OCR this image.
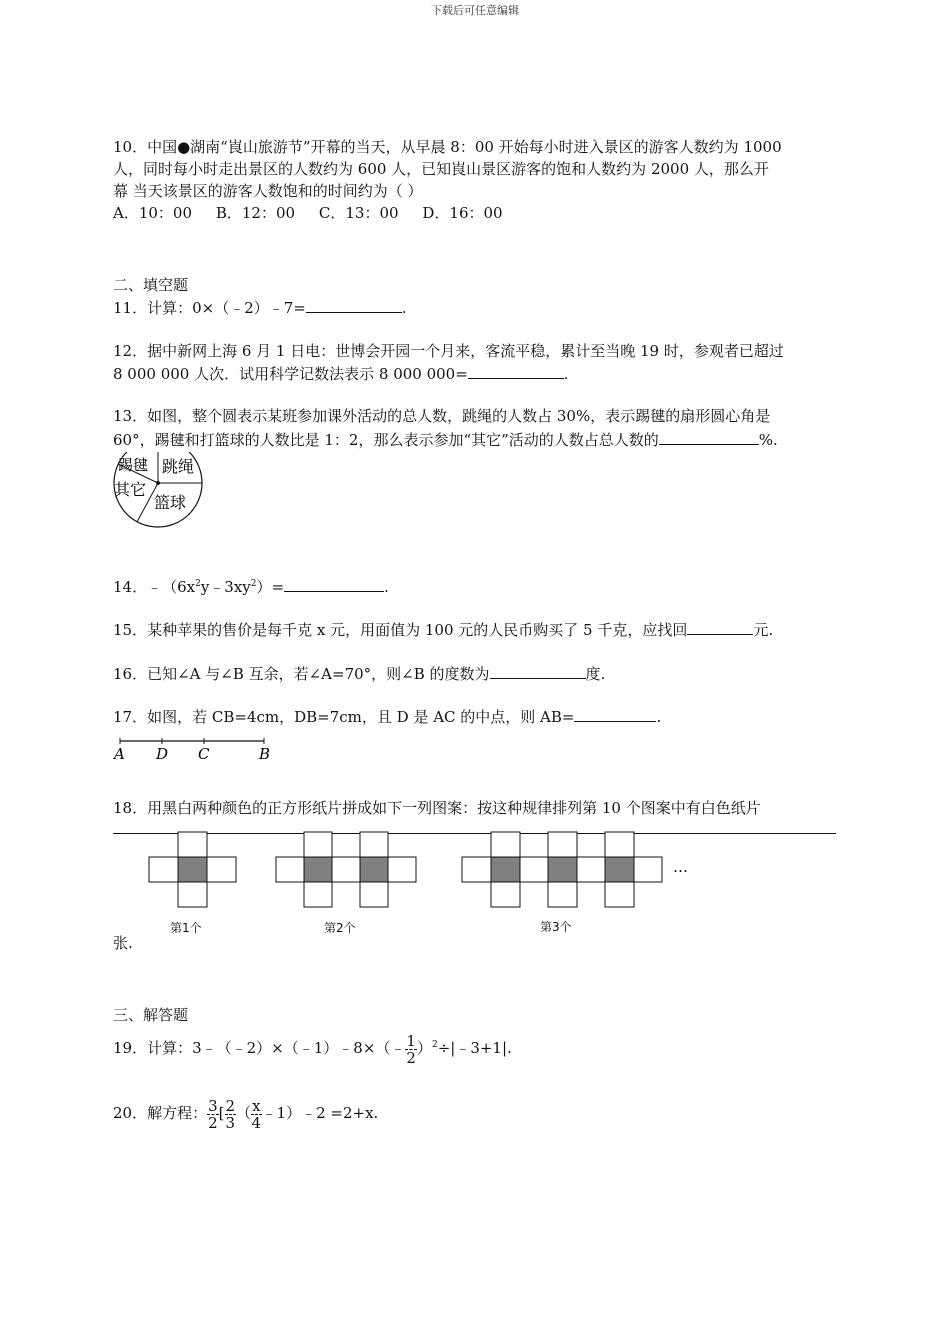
下载后可任意编辑
10．中国●湖南“崀山旅游节”开幕的当天，从早晨 8：00 开始每小时进入景区的游客人数约为 1000
人，同时每小时走出景区的人数约为 600 人，已知崀山景区游客的饱和人数约为 2000 人，那么开
幕 当天该景区的游客人数饱和的时间约为（ ）
A．10：00     B．12：00     C．13：00     D．16：00
二、填空题
11．计算：0×（﹣2）﹣7=	.
12．据中新网上海 6 月 1 日电：世博会开园一个月来，客流平稳，累计至当晚 19 时，参观者已超过
8 000 000 人次．试用科学记数法表示 8 000 000=	.
13．如图，整个圆表示某班参加课外活动的总人数，跳绳的人数占 30%，表示踢毽的扇形圆心角是
60°，踢毽和打篮球的人数比是 1：2，那么表示参加“其它”活动的人数占总人数的	%.
踢毽 跳绳
其它
篮球
14．$﹣(6x^2y﹣3xy^2)=$	.
15．某种苹果的售价是每千克 x 元，用面值为 100 元的人民币购买了 5 千克，应找回	元.
16．已知∠A 与∠B 互余，若∠A=70°，则∠B 的度数为	度.
17．如图，若 CB=4cm，DB=7cm，且 D 是 AC 的中点，则 AB=	.
A D C	B
18．用黑白两种颜色的正方形纸片拼成如下一列图案：按这种规律排列第 10 个图案中有白色纸片
…
第1个	第2个	第3个
张.
三、解答题
19．计算：3﹣（﹣2）×（﹣1）﹣8×（﹣ $\frac{1}{2}$ ）$^2$÷|﹣3+1|.
20．解方程： $\frac{3}{2}$ [ $\frac{2}{3}$ （ $\frac{x}{4}$ ﹣1）﹣2 =2+x.
